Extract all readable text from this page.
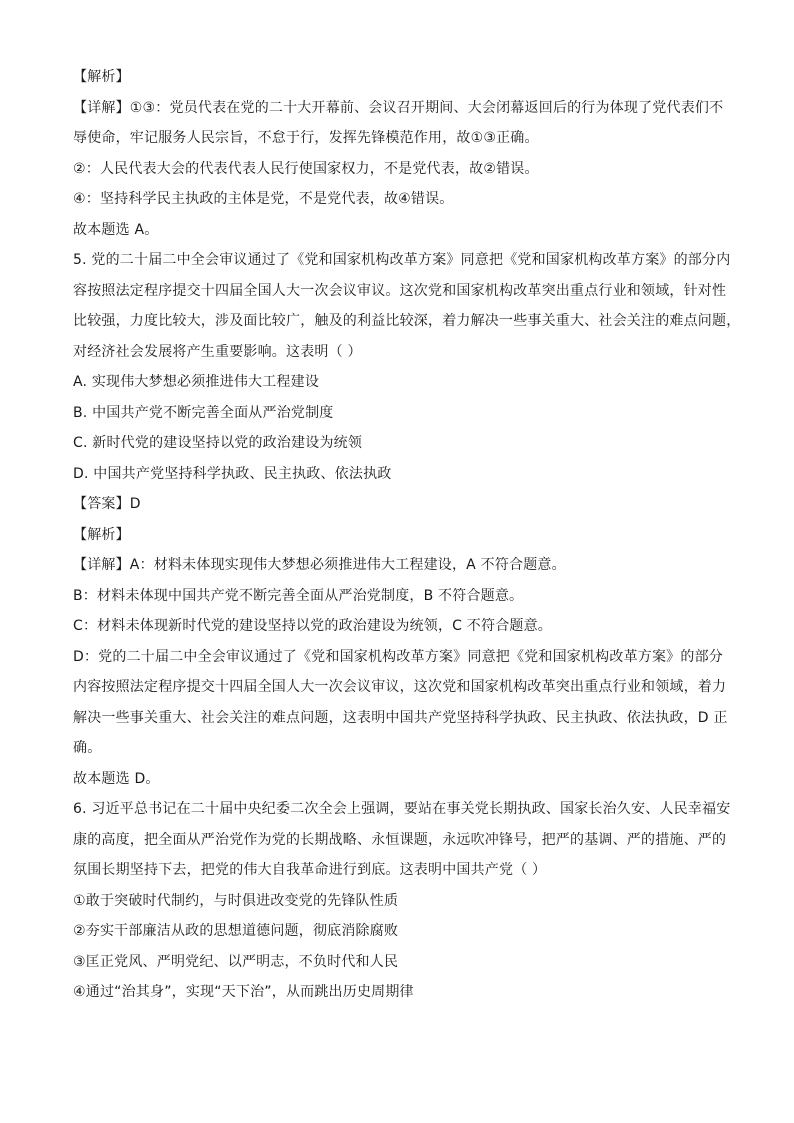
【解析】
【详解】①③：党员代表在党的二十大开幕前、会议召开期间、大会闭幕返回后的行为体现了党代表们不
辱使命，牢记服务人民宗旨，不怠于行，发挥先锋模范作用，故①③正确。
②：人民代表大会的代表代表人民行使国家权力，不是党代表，故②错误。
④：坚持科学民主执政的主体是党，不是党代表，故④错误。
故本题选 A。
5. 党的二十届二中全会审议通过了《党和国家机构改革方案》同意把《党和国家机构改革方案》的部分内
容按照法定程序提交十四届全国人大一次会议审议。这次党和国家机构改革突出重点行业和领域，针对性
比较强，力度比较大，涉及面比较广，触及的利益比较深，着力解决一些事关重大、社会关注的难点问题，
对经济社会发展将产生重要影响。这表明（ ）
A. 实现伟大梦想必须推进伟大工程建设
B. 中国共产党不断完善全面从严治党制度
C. 新时代党的建设坚持以党的政治建设为统领
D. 中国共产党坚持科学执政、民主执政、依法执政
【答案】D
【解析】
【详解】A：材料未体现实现伟大梦想必须推进伟大工程建设，A 不符合题意。
B：材料未体现中国共产党不断完善全面从严治党制度，B 不符合题意。
C：材料未体现新时代党的建设坚持以党的政治建设为统领，C 不符合题意。
D：党的二十届二中全会审议通过了《党和国家机构改革方案》同意把《党和国家机构改革方案》的部分
内容按照法定程序提交十四届全国人大一次会议审议，这次党和国家机构改革突出重点行业和领域，着力
解决一些事关重大、社会关注的难点问题，这表明中国共产党坚持科学执政、民主执政、依法执政，D 正
确。
故本题选 D。
6. 习近平总书记在二十届中央纪委二次全会上强调，要站在事关党长期执政、国家长治久安、人民幸福安
康的高度，把全面从严治党作为党的长期战略、永恒课题，永远吹冲锋号，把严的基调、严的措施、严的
氛围长期坚持下去，把党的伟大自我革命进行到底。这表明中国共产党（ ）
①敢于突破时代制约，与时俱进改变党的先锋队性质
②夯实干部廉洁从政的思想道德问题，彻底消除腐败
③匡正党风、严明党纪、以严明志，不负时代和人民
④通过“治其身”，实现“天下治”，从而跳出历史周期律
